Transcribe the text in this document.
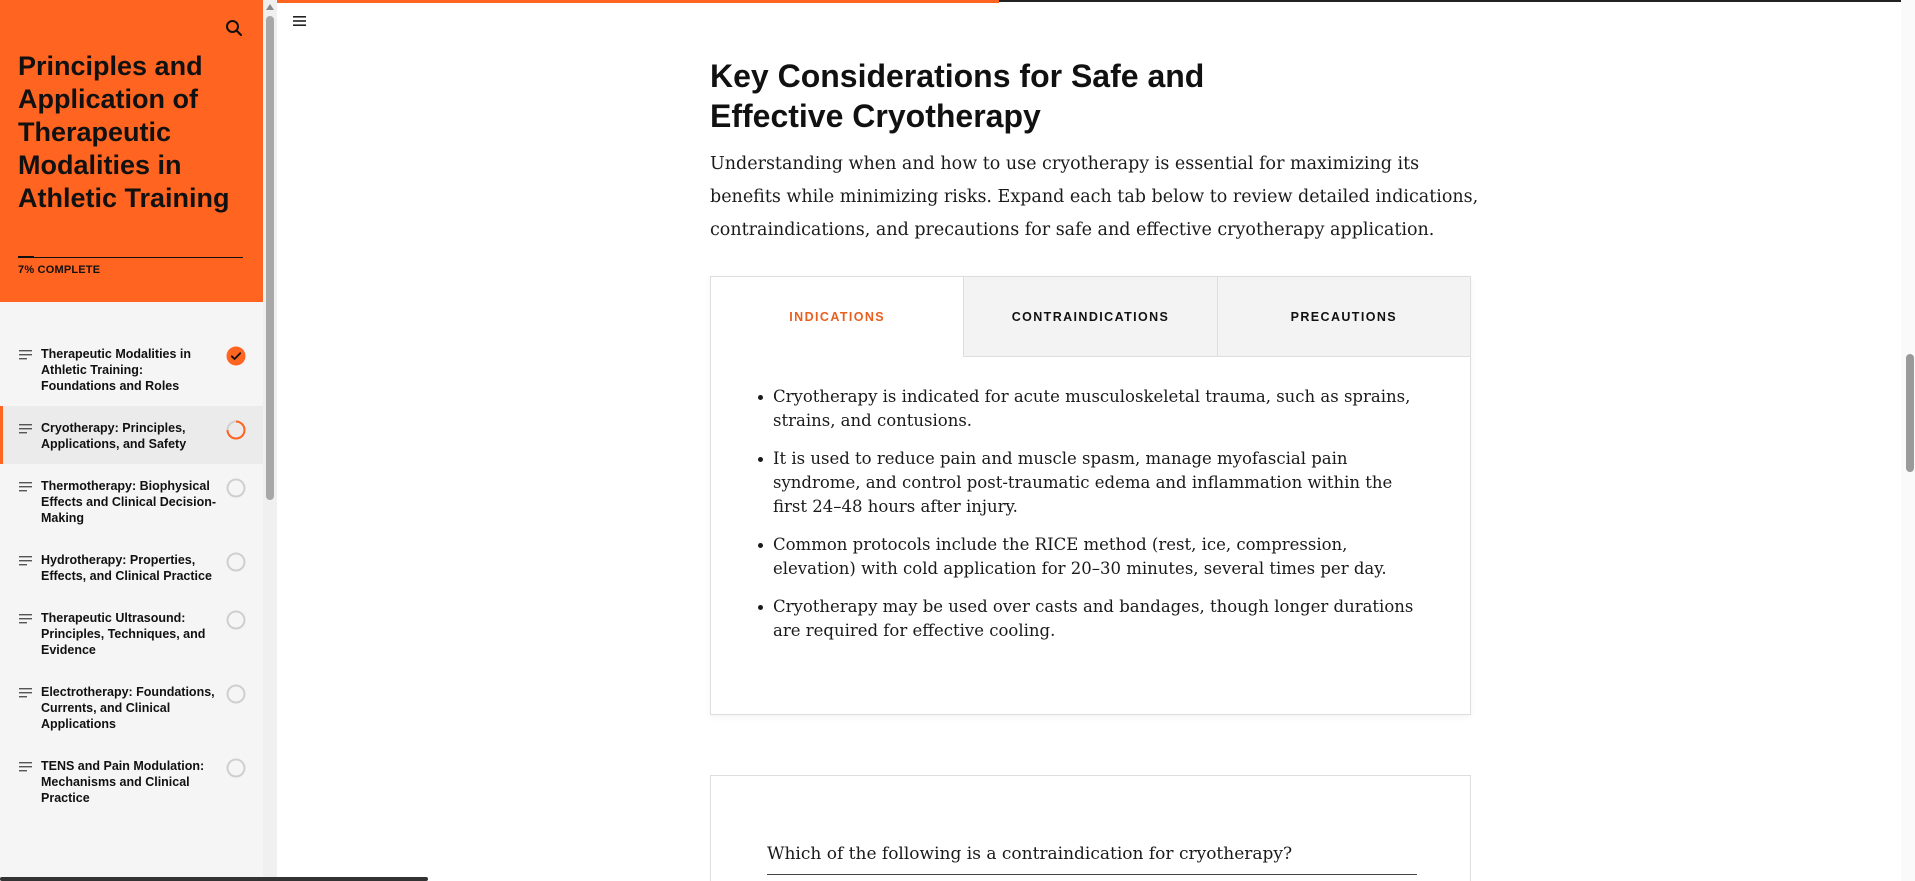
Principles and Application of Therapeutic Modalities in Athletic Training
7% COMPLETE
Therapeutic Modalities in Athletic Training: Foundations and Roles
Cryotherapy: Principles, Applications, and Safety
Thermotherapy: Biophysical Effects and Clinical Decision-Making
Hydrotherapy: Properties, Effects, and Clinical Practice
Therapeutic Ultrasound: Principles, Techniques, and Evidence
Electrotherapy: Foundations, Currents, and Clinical Applications
TENS and Pain Modulation: Mechanisms and Clinical Practice
Key Considerations for Safe and Effective Cryotherapy

Understanding when and how to use cryotherapy is essential for maximizing its benefits while minimizing risks. Expand each tab below to review detailed indications, contraindications, and precautions for safe and effective cryotherapy application.

INDICATIONS	CONTRAINDICATIONS	PRECAUTIONS
Cryotherapy is indicated for acute musculoskeletal trauma, such as sprains, strains, and contusions.
It is used to reduce pain and muscle spasm, manage myofascial pain syndrome, and control post-traumatic edema and inflammation within the first 24–48 hours after injury.
Common protocols include the RICE method (rest, ice, compression, elevation) with cold application for 20–30 minutes, several times per day.
Cryotherapy may be used over casts and bandages, though longer durations are required for effective cooling.
Which of the following is a contraindication for cryotherapy?
